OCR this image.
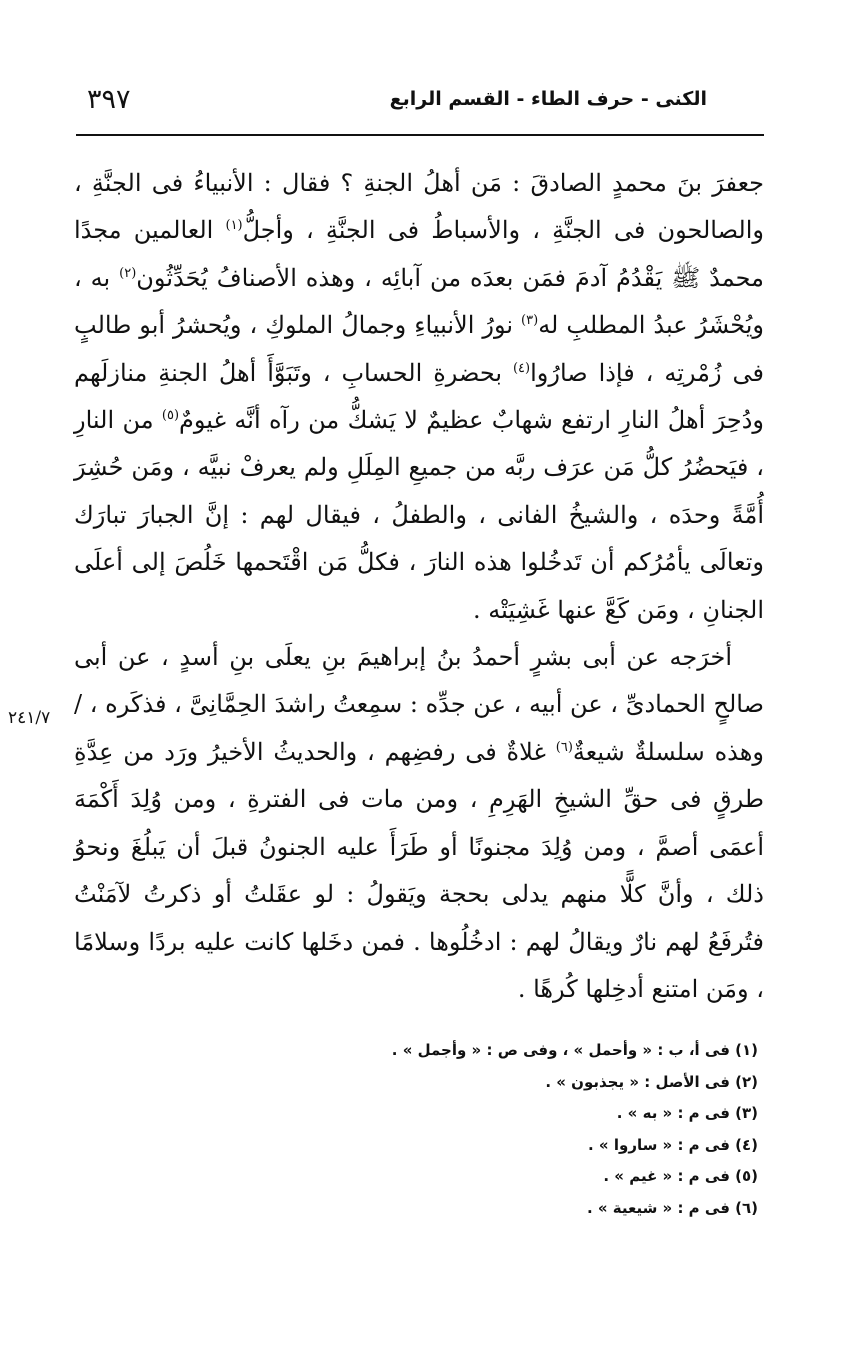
٣٩٧	الكنى - حرف الطاء - القسم الرابع

جعفرَ بنَ محمدٍ الصادقَ : مَن أهلُ الجنةِ ؟ فقال : الأنبياءُ فى الجنَّةِ ، والصالحون فى الجنَّةِ ، والأسباطُ فى الجنَّةِ ، وأجلُّ$^{(١)}$ العالمين مجدًا محمدٌ ﷺ يَقْدُمُ آدمَ فمَن بعدَه من آبائِه ، وهذه الأصنافُ يُحَدِّثُون$^{(٢)}$ به ، ويُحْشَرُ عبدُ المطلبِ له$^{(٣)}$ نورُ الأنبياءِ وجمالُ الملوكِ ، ويُحشرُ أبو طالبٍ فى زُمْرتِه ، فإذا صارُوا$^{(٤)}$ بحضرةِ الحسابِ ، وتَبَوَّأَ أهلُ الجنةِ منازلَهم ودُحِرَ أهلُ النارِ ارتفع شهابٌ عظيمٌ لا يَشكُّ من رآه أنَّه غيومٌ$^{(٥)}$ من النارِ ، فيَحضُرُ كلُّ مَن عرَف ربَّه من جميعِ المِلَلِ ولم يعرفْ نبيَّه ، ومَن حُشِرَ أُمَّةً وحدَه ، والشيخُ الفانى ، والطفلُ ، فيقال لهم : إنَّ الجبارَ تبارَك وتعالَى يأمُرُكم أن تَدخُلوا هذه النارَ ، فكلُّ مَن اقْتَحمها خَلُصَ إلى أعلَى الجنانِ ، ومَن كَعَّ عنها غَشِيَتْه .

أخرَجه عن أبى بشرٍ أحمدُ بنُ إبراهيمَ بنِ يعلَى بنِ أسدٍ ، عن أبى صالحٍ الحمادىِّ ، عن أبيه ، عن جدِّه : سمِعتُ راشدَ الحِمَّانِىَّ ، فذكَره ، /وهذه سلسلةٌ شيعةٌ$^{(٦)}$ غلاةٌ فى رفضِهم ، والحديثُ الأخيرُ ورَد من عِدَّةِ طرقٍ فى حقِّ الشيخِ الهَرِمِ ، ومن مات فى الفترةِ ، ومن وُلِدَ أَكْمَهَ أعمَى أصمَّ ، ومن وُلِدَ مجنونًا أو طَرَأَ عليه الجنونُ قبلَ أن يَبلُغَ ونحوُ ذلك ، وأنَّ كلًّا منهم يدلى بحجة ويَقولُ : لو عقَلتُ أو ذكرتُ لآمَنْتُ فتُرفَعُ لهم نارٌ ويقالُ لهم : ادخُلُوها . فمن دخَلها كانت عليه بردًا وسلامًا ، ومَن امتنع أدخِلها كُرهًا .

٢٤١/٧

(١) فى أ، ب : « وأحمل » ، وفى ص : « وأجمل » .

(٢) فى الأصل : « يجذبون » .

(٣) فى م : « به » .

(٤) فى م : « ساروا » .

(٥) فى م : « غيم » .

(٦) فى م : « شيعية » .
